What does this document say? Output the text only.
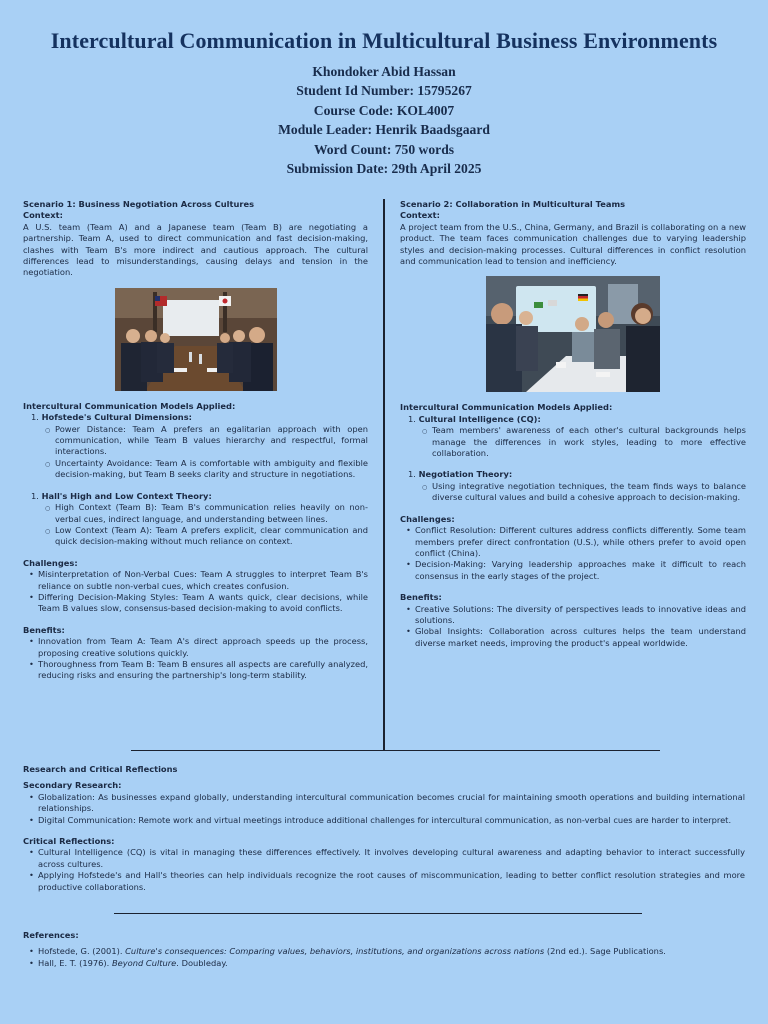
Intercultural Communication in Multicultural Business Environments
Khondoker Abid Hassan
Student Id Number: 15795267
Course Code: KOL4007
Module Leader: Henrik Baadsgaard
Word Count: 750 words
Submission Date: 29th April 2025
Scenario 1: Business Negotiation Across Cultures
Context:

A U.S. team (Team A) and a Japanese team (Team B) are negotiating a partnership. Team A, used to direct communication and fast decision-making, clashes with Team B's more indirect and cautious approach. The cultural differences lead to misunderstandings, causing delays and tension in the negotiation.

Intercultural Communication Models Applied:
1. Hofstede's Cultural Dimensions:
○ Power Distance: Team A prefers an egalitarian approach with open communication, while Team B values hierarchy and respectful, formal interactions.
○ Uncertainty Avoidance: Team A is comfortable with ambiguity and flexible decision-making, but Team B seeks clarity and structure in negotiations.
1. Hall's High and Low Context Theory:
○ High Context (Team B): Team B's communication relies heavily on non-verbal cues, indirect language, and understanding between lines.
○ Low Context (Team A): Team A prefers explicit, clear communication and quick decision-making without much reliance on context.
Challenges:
• Misinterpretation of Non-Verbal Cues: Team A struggles to interpret Team B's reliance on subtle non-verbal cues, which creates confusion.
• Differing Decision-Making Styles: Team A wants quick, clear decisions, while Team B values slow, consensus-based decision-making to avoid conflicts.
Benefits:
• Innovation from Team A: Team A's direct approach speeds up the process, proposing creative solutions quickly.
• Thoroughness from Team B: Team B ensures all aspects are carefully analyzed, reducing risks and ensuring the partnership's long-term stability.
Scenario 2: Collaboration in Multicultural Teams
Context:

A project team from the U.S., China, Germany, and Brazil is collaborating on a new product. The team faces communication challenges due to varying leadership styles and decision-making processes. Cultural differences in conflict resolution and communication lead to tension and inefficiency.

Intercultural Communication Models Applied:
1. Cultural Intelligence (CQ):
○ Team members' awareness of each other's cultural backgrounds helps manage the differences in work styles, leading to more effective collaboration.
1. Negotiation Theory:
○ Using integrative negotiation techniques, the team finds ways to balance diverse cultural values and build a cohesive approach to decision-making.
Challenges:
• Conflict Resolution: Different cultures address conflicts differently. Some team members prefer direct confrontation (U.S.), while others prefer to avoid open conflict (China).
• Decision-Making: Varying leadership approaches make it difficult to reach consensus in the early stages of the project.
Benefits:
• Creative Solutions: The diversity of perspectives leads to innovative ideas and solutions.
• Global Insights: Collaboration across cultures helps the team understand diverse market needs, improving the product's appeal worldwide.
Research and Critical Reflections
Secondary Research:
• Globalization: As businesses expand globally, understanding intercultural communication becomes crucial for maintaining smooth operations and building international relationships.
• Digital Communication: Remote work and virtual meetings introduce additional challenges for intercultural communication, as non-verbal cues are harder to interpret.
Critical Reflections:
• Cultural Intelligence (CQ) is vital in managing these differences effectively. It involves developing cultural awareness and adapting behavior to interact successfully across cultures.
• Applying Hofstede's and Hall's theories can help individuals recognize the root causes of miscommunication, leading to better conflict resolution strategies and more productive collaborations.
References:
• Hofstede, G. (2001). Culture's consequences: Comparing values, behaviors, institutions, and organizations across nations (2nd ed.). Sage Publications.
• Hall, E. T. (1976). Beyond Culture. Doubleday.
